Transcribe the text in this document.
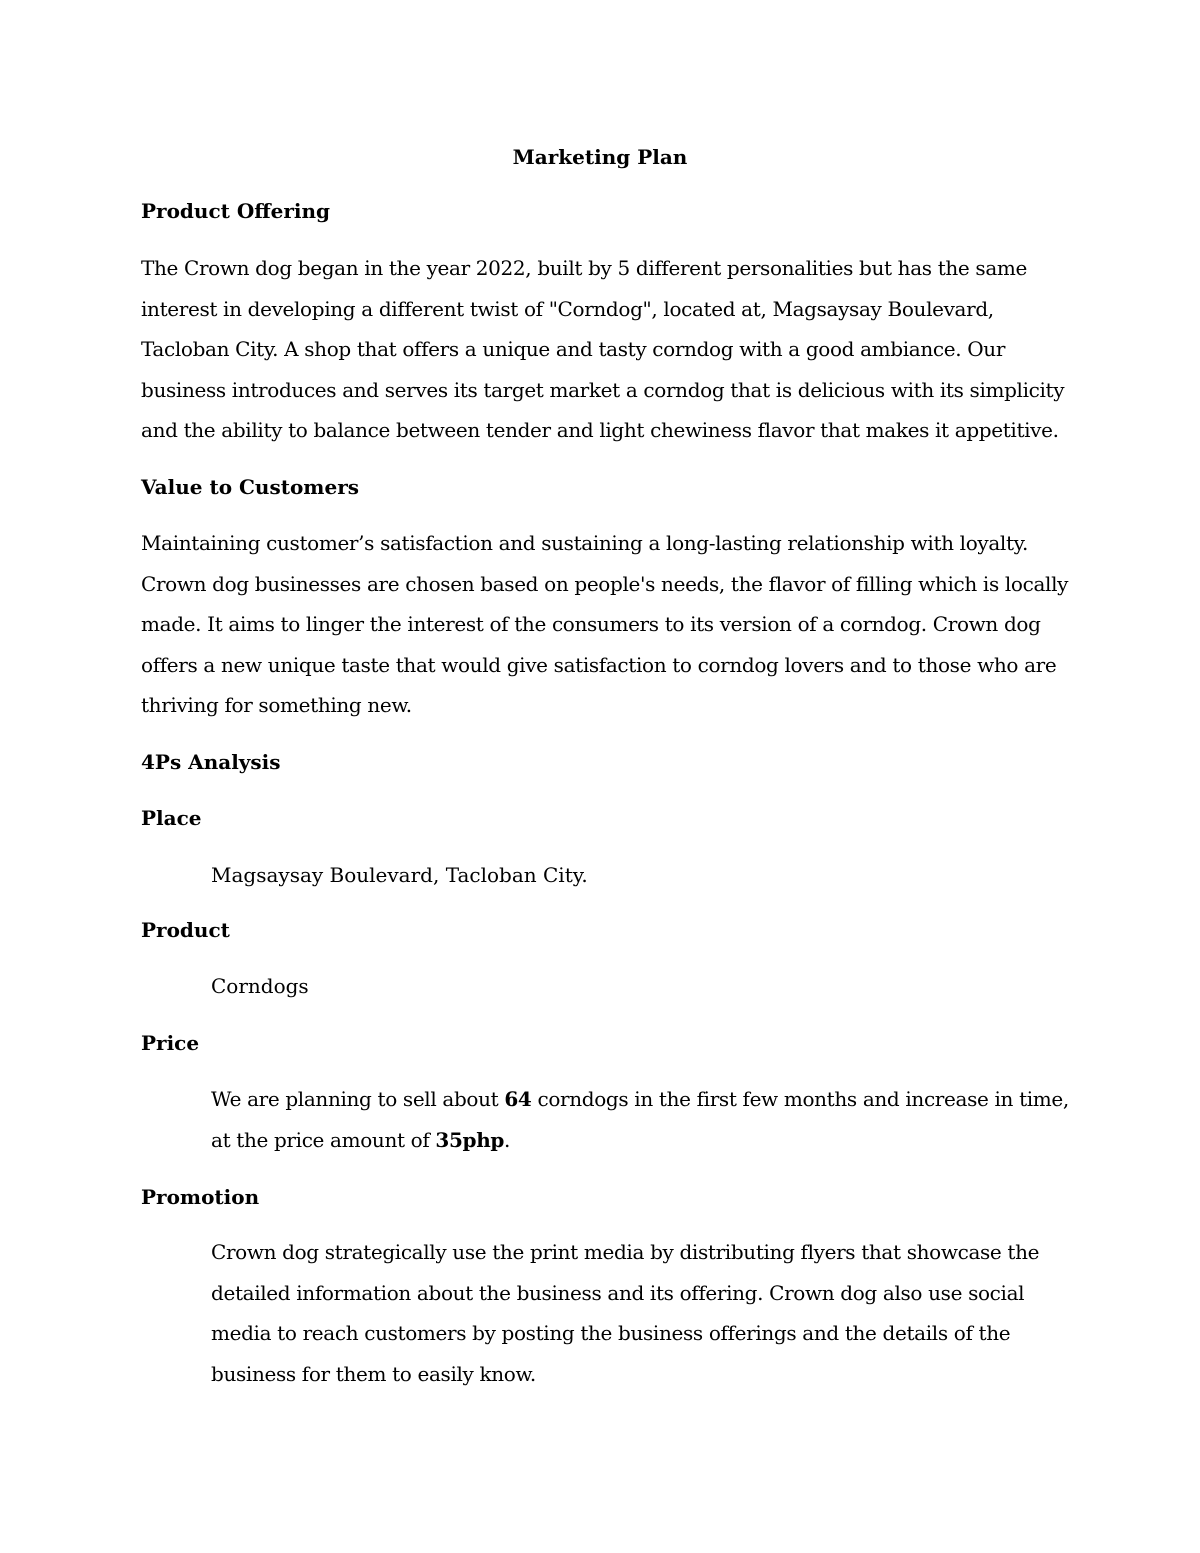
Marketing Plan
Product Offering
The Crown dog began in the year 2022, built by 5 different personalities but has the same interest in developing a different twist of "Corndog", located at, Magsaysay Boulevard, Tacloban City. A shop that offers a unique and tasty corndog with a good ambiance. Our business introduces and serves its target market a corndog that is delicious with its simplicity and the ability to balance between tender and light chewiness flavor that makes it appetitive.
Value to Customers
Maintaining customer’s satisfaction and sustaining a long-lasting relationship with loyalty. Crown dog businesses are chosen based on people's needs, the flavor of filling which is locally made. It aims to linger the interest of the consumers to its version of a corndog. Crown dog offers a new unique taste that would give satisfaction to corndog lovers and to those who are thriving for something new.
4Ps Analysis
Place
Magsaysay Boulevard, Tacloban City.
Product
Corndogs
Price
We are planning to sell about 64 corndogs in the first few months and increase in time, at the price amount of 35php.
Promotion
Crown dog strategically use the print media by distributing flyers that showcase the detailed information about the business and its offering. Crown dog also use social media to reach customers by posting the business offerings and the details of the business for them to easily know.
